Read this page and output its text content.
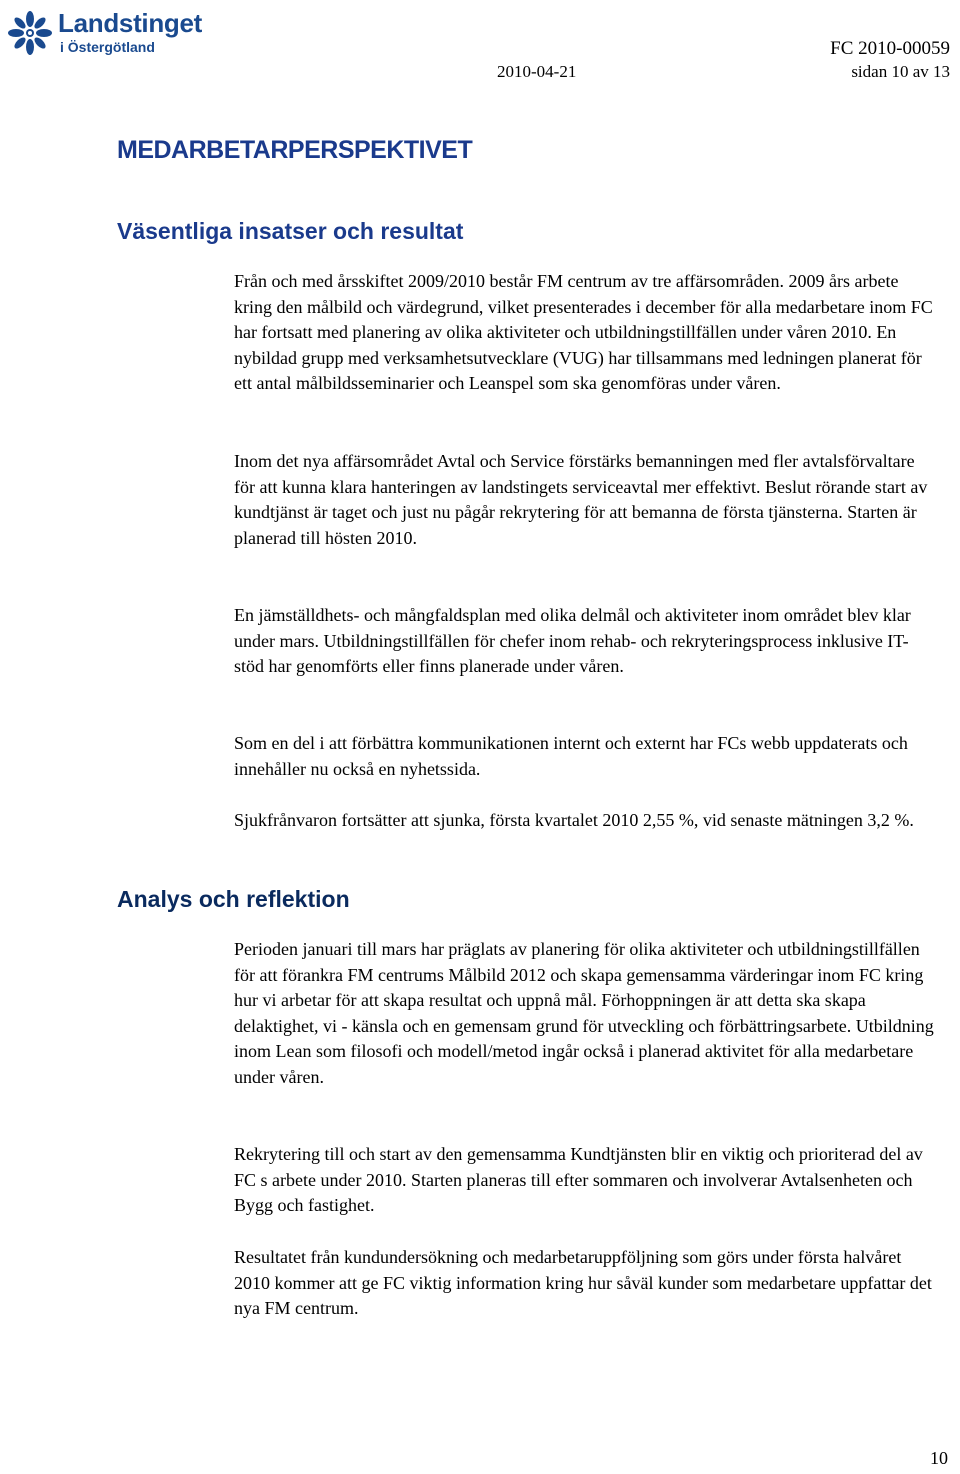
Landstinget
i Östergötland	FC 2010-00059
2010-04-21	sidan 10 av 13
MEDARBETARPERSPEKTIVET
Väsentliga insatser och resultat

Från och med årsskiftet 2009/2010 består FM centrum av tre affärsområden. 2009 års arbete kring den målbild och värdegrund, vilket presenterades i december för alla medarbetare inom FC har fortsatt med planering av olika aktiviteter och utbildningstillfällen under våren 2010. En nybildad grupp med verksamhetsutvecklare (VUG) har tillsammans med ledningen planerat för ett antal målbildsseminarier och Leanspel som ska genomföras under våren.

Inom det nya affärsområdet Avtal och Service förstärks bemanningen med fler avtalsförvaltare för att kunna klara hanteringen av landstingets serviceavtal mer effektivt. Beslut rörande start av kundtjänst är taget och just nu pågår rekrytering för att bemanna de första tjänsterna. Starten är planerad till hösten 2010.

En jämställdhets- och mångfaldsplan med olika delmål och aktiviteter inom området blev klar under mars. Utbildningstillfällen för chefer inom rehab- och rekryteringsprocess inklusive IT-stöd har genomförts eller finns planerade under våren.

Som en del i att förbättra kommunikationen internt och externt har FCs webb uppdaterats och innehåller nu också en nyhetssida.

Sjukfrånvaron fortsätter att sjunka, första kvartalet 2010 2,55 %, vid senaste mätningen 3,2 %.

Analys och reflektion

Perioden januari till mars har präglats av planering för olika aktiviteter och utbildningstillfällen för att förankra FM centrums Målbild 2012 och skapa gemensamma värderingar inom FC kring hur vi arbetar för att skapa resultat och uppnå mål. Förhoppningen är att detta ska skapa delaktighet, vi - känsla och en gemensam grund för utveckling och förbättringsarbete. Utbildning inom Lean som filosofi och modell/metod ingår också i planerad aktivitet för alla medarbetare under våren.

Rekrytering till och start av den gemensamma Kundtjänsten blir en viktig och prioriterad del av FC s arbete under 2010. Starten planeras till efter sommaren och involverar Avtalsenheten och Bygg och fastighet.

Resultatet från kundundersökning och medarbetaruppföljning som görs under första halvåret 2010 kommer att ge FC viktig information kring hur såväl kunder som medarbetare uppfattar det nya FM centrum.

10
